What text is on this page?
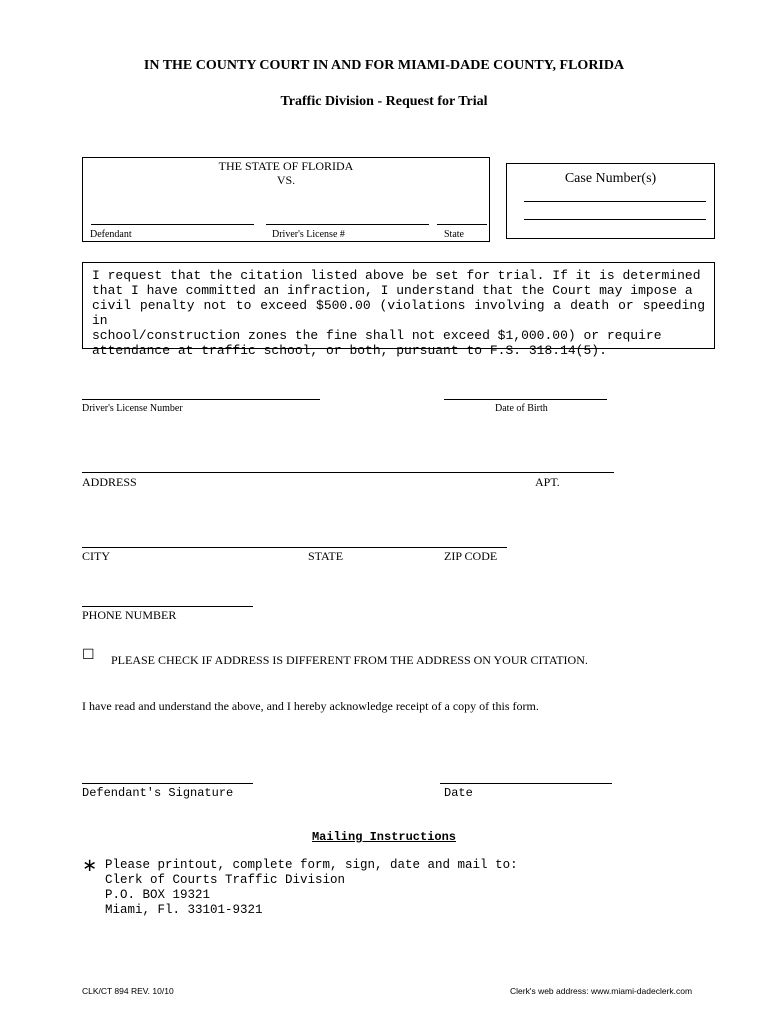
IN THE COUNTY COURT IN AND FOR MIAMI-DADE COUNTY, FLORIDA
Traffic Division - Request for Trial
THE STATE OF FLORIDA
VS.
Defendant	Driver's License #	State
Case Number(s)
I request that the citation listed above be set for trial. If it is determined
that I have committed an infraction, I understand that the Court may impose a
civil penalty not to exceed $500.00 (violations involving a death or speeding in
school/construction zones the fine shall not exceed $1,000.00) or require
attendance at traffic school, or both, pursuant to F.S. 318.14(5).
Driver's License Number	Date of Birth
ADDRESS	APT.
CITY	STATE	ZIP CODE
PHONE NUMBER
☐ PLEASE CHECK IF ADDRESS IS DIFFERENT FROM THE ADDRESS ON YOUR CITATION.
I have read and understand the above, and I hereby acknowledge receipt of a copy of this form.
Defendant's Signature	Date
Mailing Instructions
∗ Please printout, complete form, sign, date and mail to:
Clerk of Courts Traffic Division
P.O. BOX 19321
Miami, Fl. 33101-9321
CLK/CT 894 REV. 10/10	Clerk's web address: www.miami-dadeclerk.com
